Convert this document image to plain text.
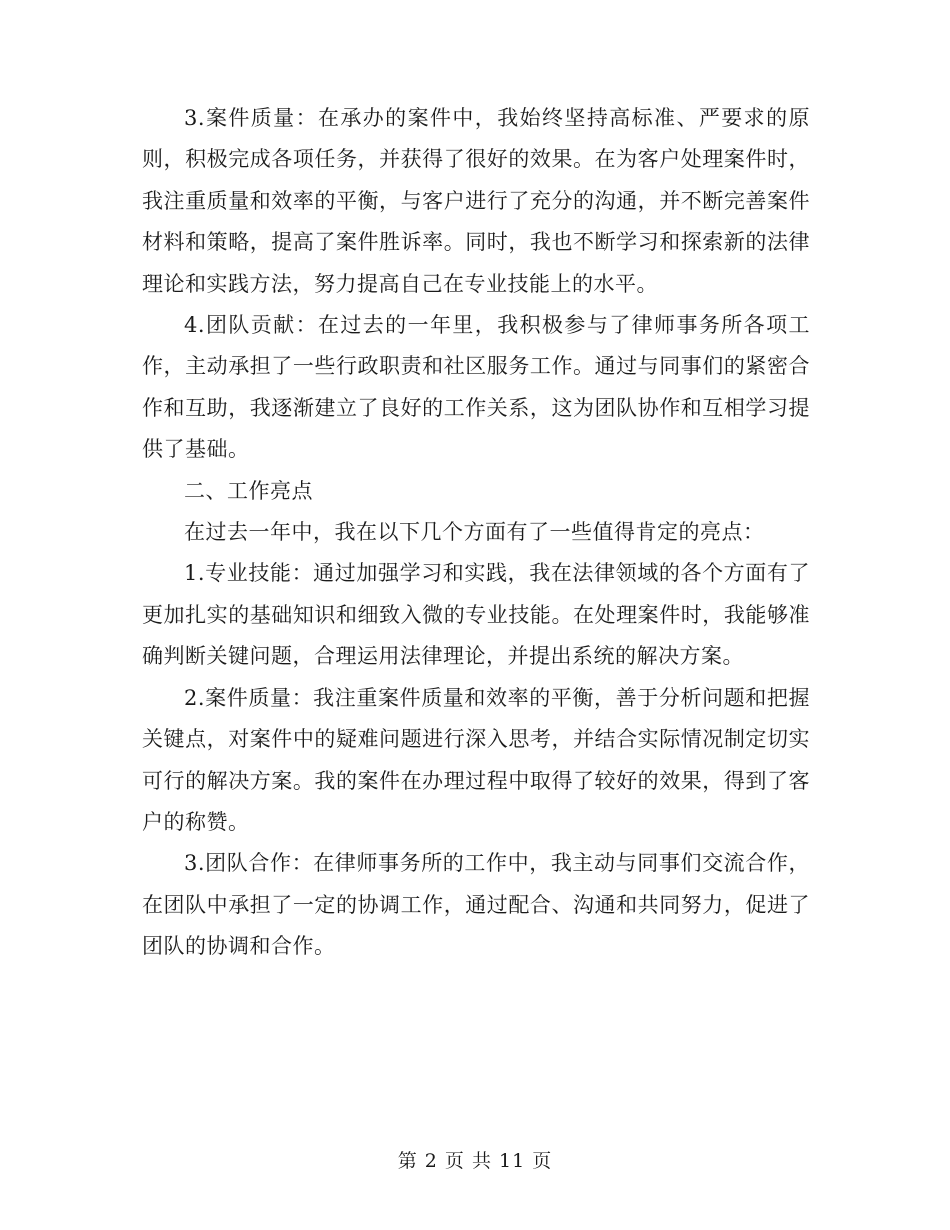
3.案件质量：在承办的案件中，我始终坚持高标准、严要求的原则，积极完成各项任务，并获得了很好的效果。在为客户处理案件时，我注重质量和效率的平衡，与客户进行了充分的沟通，并不断完善案件材料和策略，提高了案件胜诉率。同时，我也不断学习和探索新的法律理论和实践方法，努力提高自己在专业技能上的水平。

4.团队贡献：在过去的一年里，我积极参与了律师事务所各项工作，主动承担了一些行政职责和社区服务工作。通过与同事们的紧密合作和互助，我逐渐建立了良好的工作关系，这为团队协作和互相学习提供了基础。

二、工作亮点

在过去一年中，我在以下几个方面有了一些值得肯定的亮点：

1.专业技能：通过加强学习和实践，我在法律领域的各个方面有了更加扎实的基础知识和细致入微的专业技能。在处理案件时，我能够准确判断关键问题，合理运用法律理论，并提出系统的解决方案。

2.案件质量：我注重案件质量和效率的平衡，善于分析问题和把握关键点，对案件中的疑难问题进行深入思考，并结合实际情况制定切实可行的解决方案。我的案件在办理过程中取得了较好的效果，得到了客户的称赞。

3.团队合作：在律师事务所的工作中，我主动与同事们交流合作，在团队中承担了一定的协调工作，通过配合、沟通和共同努力，促进了团队的协调和合作。

第 2 页 共 11 页
